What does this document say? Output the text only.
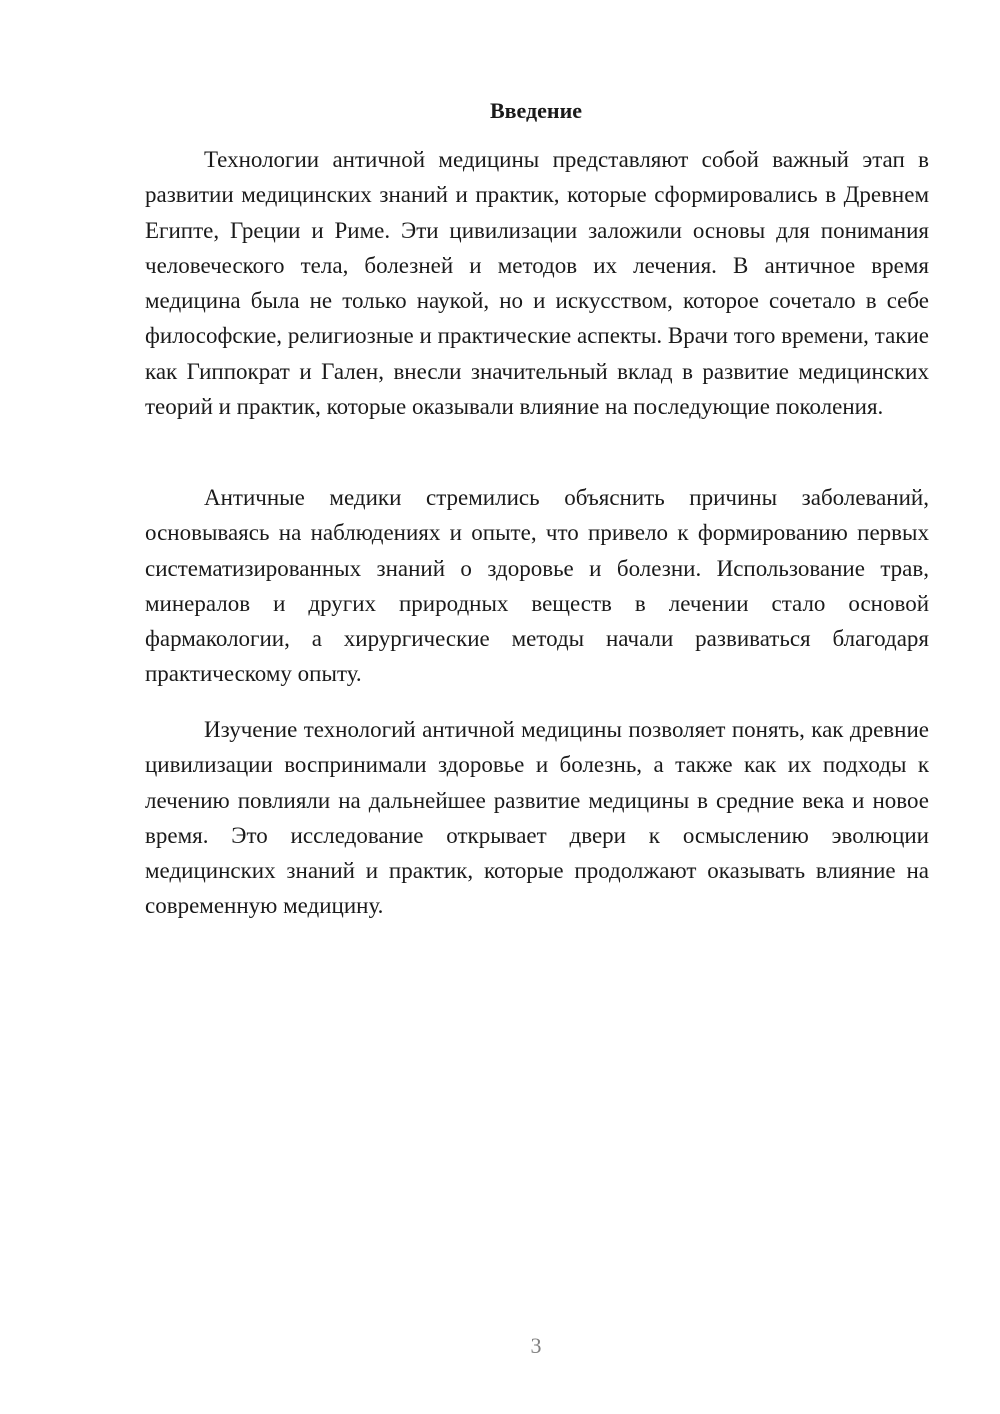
Введение

Технологии античной медицины представляют собой важный этап в развитии медицинских знаний и практик, которые сформировались в Древнем Египте, Греции и Риме. Эти цивилизации заложили основы для понимания человеческого тела, болезней и методов их лечения. В античное время медицина была не только наукой, но и искусством, которое сочетало в себе философские, религиозные и практические аспекты. Врачи того времени, такие как Гиппократ и Гален, внесли значительный вклад в развитие медицинских теорий и практик, которые оказывали влияние на последующие поколения.

Античные медики стремились объяснить причины заболеваний, основываясь на наблюдениях и опыте, что привело к формированию первых систематизированных знаний о здоровье и болезни. Использование трав, минералов и других природных веществ в лечении стало основой фармакологии, а хирургические методы начали развиваться благодаря практическому опыту.

Изучение технологий античной медицины позволяет понять, как древние цивилизации воспринимали здоровье и болезнь, а также как их подходы к лечению повлияли на дальнейшее развитие медицины в средние века и новое время. Это исследование открывает двери к осмыслению эволюции медицинских знаний и практик, которые продолжают оказывать влияние на современную медицину.

3
